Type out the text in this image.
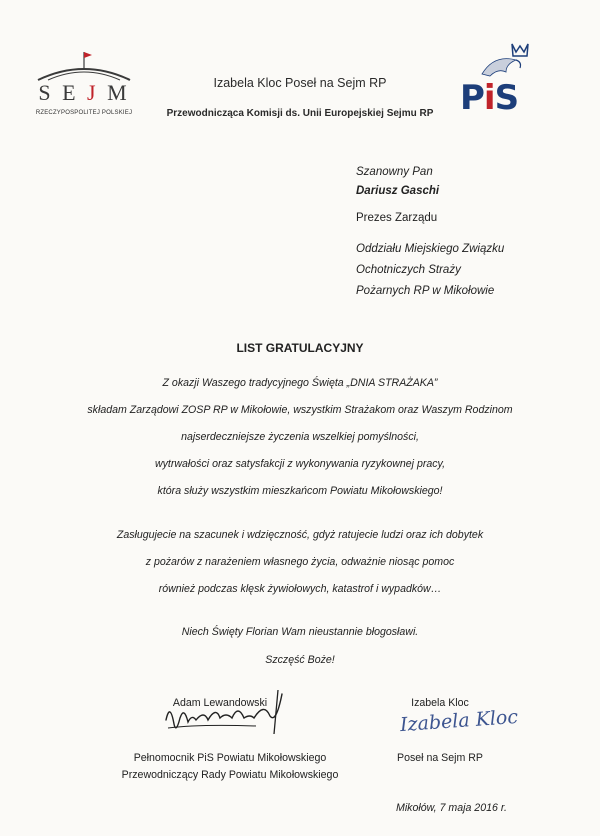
S E J M
RZECZYPOSPOLITEJ POLSKIEJ	PiS
Izabela Kloc Poseł na Sejm RP
Przewodnicząca Komisji ds. Unii Europejskiej Sejmu RP
Szanowny Pan
Dariusz Gaschi
Prezes Zarządu
Oddziału Miejskiego Związku
Ochotniczych Straży
Pożarnych RP w Mikołowie
LIST GRATULACYJNY
Z okazji Waszego tradycyjnego Święta „DNIA STRAŻAKA”
składam Zarządowi ZOSP RP w Mikołowie, wszystkim Strażakom oraz Waszym Rodzinom
najserdeczniejsze życzenia wszelkiej pomyślności,
wytrwałości oraz satysfakcji z wykonywania ryzykownej pracy,
która służy wszystkim mieszkańcom Powiatu Mikołowskiego!
Zasługujecie na szacunek i wdzięczność, gdyż ratujecie ludzi oraz ich dobytek
z pożarów z narażeniem własnego życia, odważnie niosąc pomoc
również podczas klęsk żywiołowych, katastrof i wypadków…
Niech Święty Florian Wam nieustannie błogosławi.
Szczęść Boże!
Adam Lewandowski
Pełnomocnik PiS Powiatu Mikołowskiego
Przewodniczący Rady Powiatu Mikołowskiego
Izabela Kloc
Izabela Kloc
Poseł na Sejm RP
Mikołów, 7 maja 2016 r.
